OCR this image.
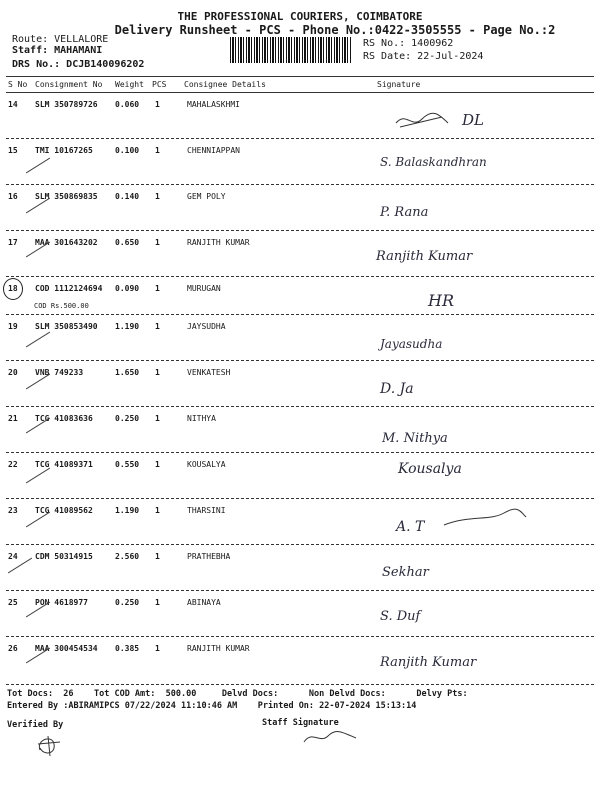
THE PROFESSIONAL COURIERS, COIMBATORE
Delivery Runsheet - PCS - Phone No.:0422-3505555 - Page No.:2
Route: VELLALORE
Staff: MAHAMANI
DRS No.: DCJB140096202
RS No.: 1400962
RS Date: 22-Jul-2024
S No Consignment No Weight PCS Consignee Details	Signature
14 SLM 350789726 0.060 1	MAHALASKHMI
DL
15 TMI 10167265	0.100 1	CHENNIAPPAN
S. Balaskandhran
16 SLM 350869835 0.140 1	GEM POLY
P. Rana
17 MAA 301643202 0.650 1	RANJITH KUMAR
Ranjith Kumar
18 COD 1112124694 0.090 1	MURUGAN
COD Rs.500.00	HR
19 SLM 350853490 1.190 1	JAYSUDHA
Jayasudha
20 VNB 749233	1.650 1	VENKATESH
D. Ja
21 TCG 41083636	0.250 1	NITHYA
M. Nithya
22 TCG 41089371	0.550 1	KOUSALYA	Kousalya
23 TCG 41089562	1.190 1	THARSINI
A. T
24 CDM 50314915	2.560 1	PRATHEBHA
Sekhar
25 PON 4618977	0.250 1	ABINAYA
S. Duf
26 MAA 300454534 0.385 1	RANJITH KUMAR
Ranjith Kumar
Tot Docs:  26    Tot COD Amt:  500.00     Delvd Docs:      Non Delvd Docs:      Delvy Pts:
Entered By :ABIRAMIPCS 07/22/2024 11:10:46 AM    Printed On: 22-07-2024 15:13:14
Verified By	Staff Signature
